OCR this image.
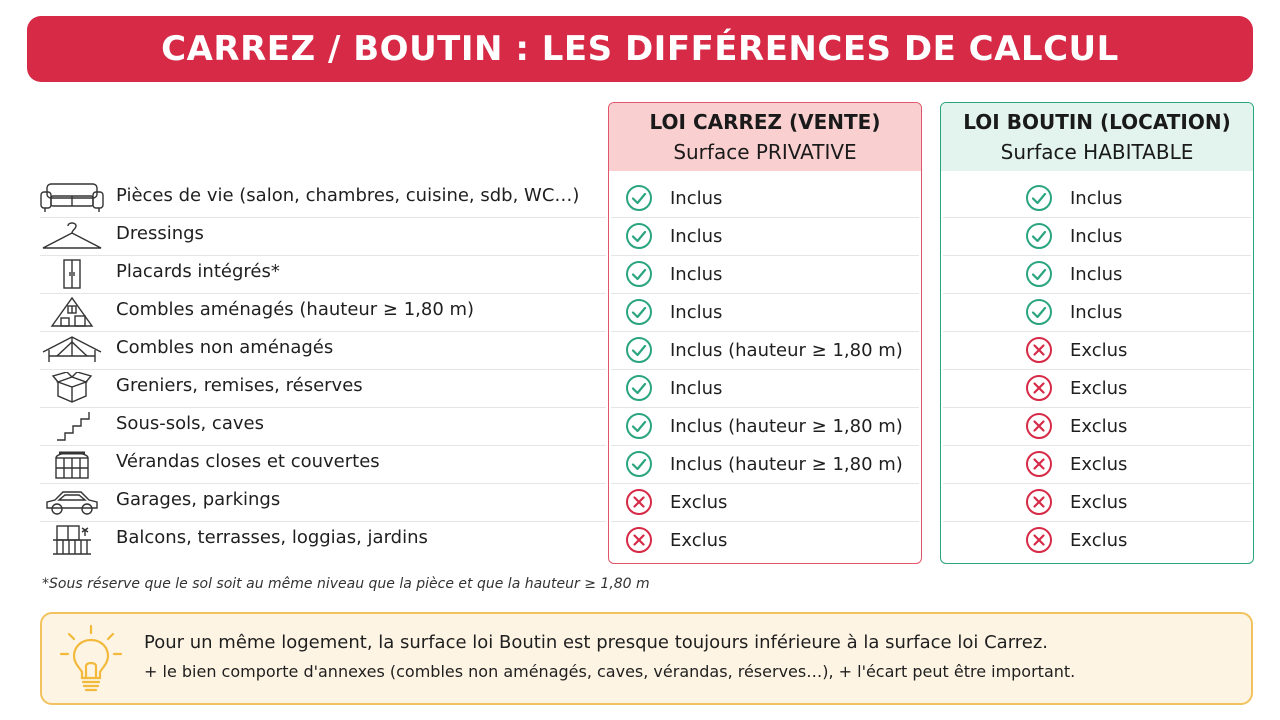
CARREZ / BOUTIN : LES DIFFÉRENCES DE CALCUL
LOI CARREZ (VENTE)
Surface PRIVATIVE
LOI BOUTIN (LOCATION)
Surface HABITABLE
Pièces de vie (salon, chambres, cuisine, sdb, WC…)	Inclus	Inclus
Dressings	Inclus	Inclus
Placards intégrés*	Inclus	Inclus
Combles aménagés (hauteur ≥ 1,80 m)	Inclus	Inclus
Combles non aménagés	Inclus (hauteur ≥ 1,80 m)	Exclus
Greniers, remises, réserves	Inclus	Exclus
Sous-sols, caves	Inclus (hauteur ≥ 1,80 m)	Exclus
Vérandas closes et couvertes	Inclus (hauteur ≥ 1,80 m)	Exclus
Garages, parkings	Exclus	Exclus
Balcons, terrasses, loggias, jardins	Exclus	Exclus
*Sous réserve que le sol soit au même niveau que la pièce et que la hauteur ≥ 1,80 m
Pour un même logement, la surface loi Boutin est presque toujours inférieure à la surface loi Carrez.
+ le bien comporte d'annexes (combles non aménagés, caves, vérandas, réserves…), + l'écart peut être important.
